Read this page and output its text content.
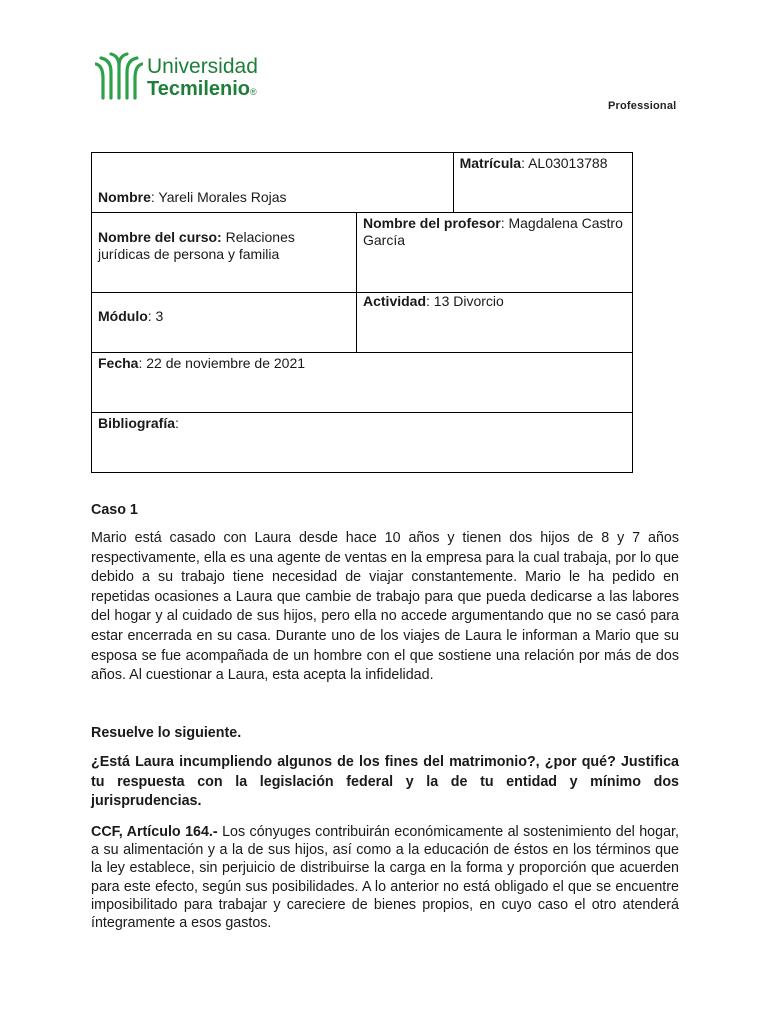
Universidad
Tecmilenio®
Professional
Nombre: Yareli Morales Rojas		Matrícula: AL03013788

Nombre del curso: Relaciones jurídicas de persona y familia	Nombre del profesor: Magdalena Castro García	

Módulo: 3	Actividad: 13 Divorcio	

Fecha: 22 de noviembre de 2021		

Bibliografía:		
Caso 1
Mario está casado con Laura desde hace 10 años y tienen dos hijos de 8 y 7 años respectivamente, ella es una agente de ventas en la empresa para la cual trabaja, por lo que debido a su trabajo tiene necesidad de viajar constantemente. Mario le ha pedido en repetidas ocasiones a Laura que cambie de trabajo para que pueda dedicarse a las labores del hogar y al cuidado de sus hijos, pero ella no accede argumentando que no se casó para estar encerrada en su casa. Durante uno de los viajes de Laura le informan a Mario que su esposa se fue acompañada de un hombre con el que sostiene una relación por más de dos años. Al cuestionar a Laura, esta acepta la infidelidad.
Resuelve lo siguiente.
¿Está Laura incumpliendo algunos de los fines del matrimonio?, ¿por qué? Justifica tu respuesta con la legislación federal y la de tu entidad y mínimo dos jurisprudencias.
CCF, Artículo 164.- Los cónyuges contribuirán económicamente al sostenimiento del hogar, a su alimentación y a la de sus hijos, así como a la educación de éstos en los términos que la ley establece, sin perjuicio de distribuirse la carga en la forma y proporción que acuerden para este efecto, según sus posibilidades. A lo anterior no está obligado el que se encuentre imposibilitado para trabajar y careciere de bienes propios, en cuyo caso el otro atenderá íntegramente a esos gastos.
